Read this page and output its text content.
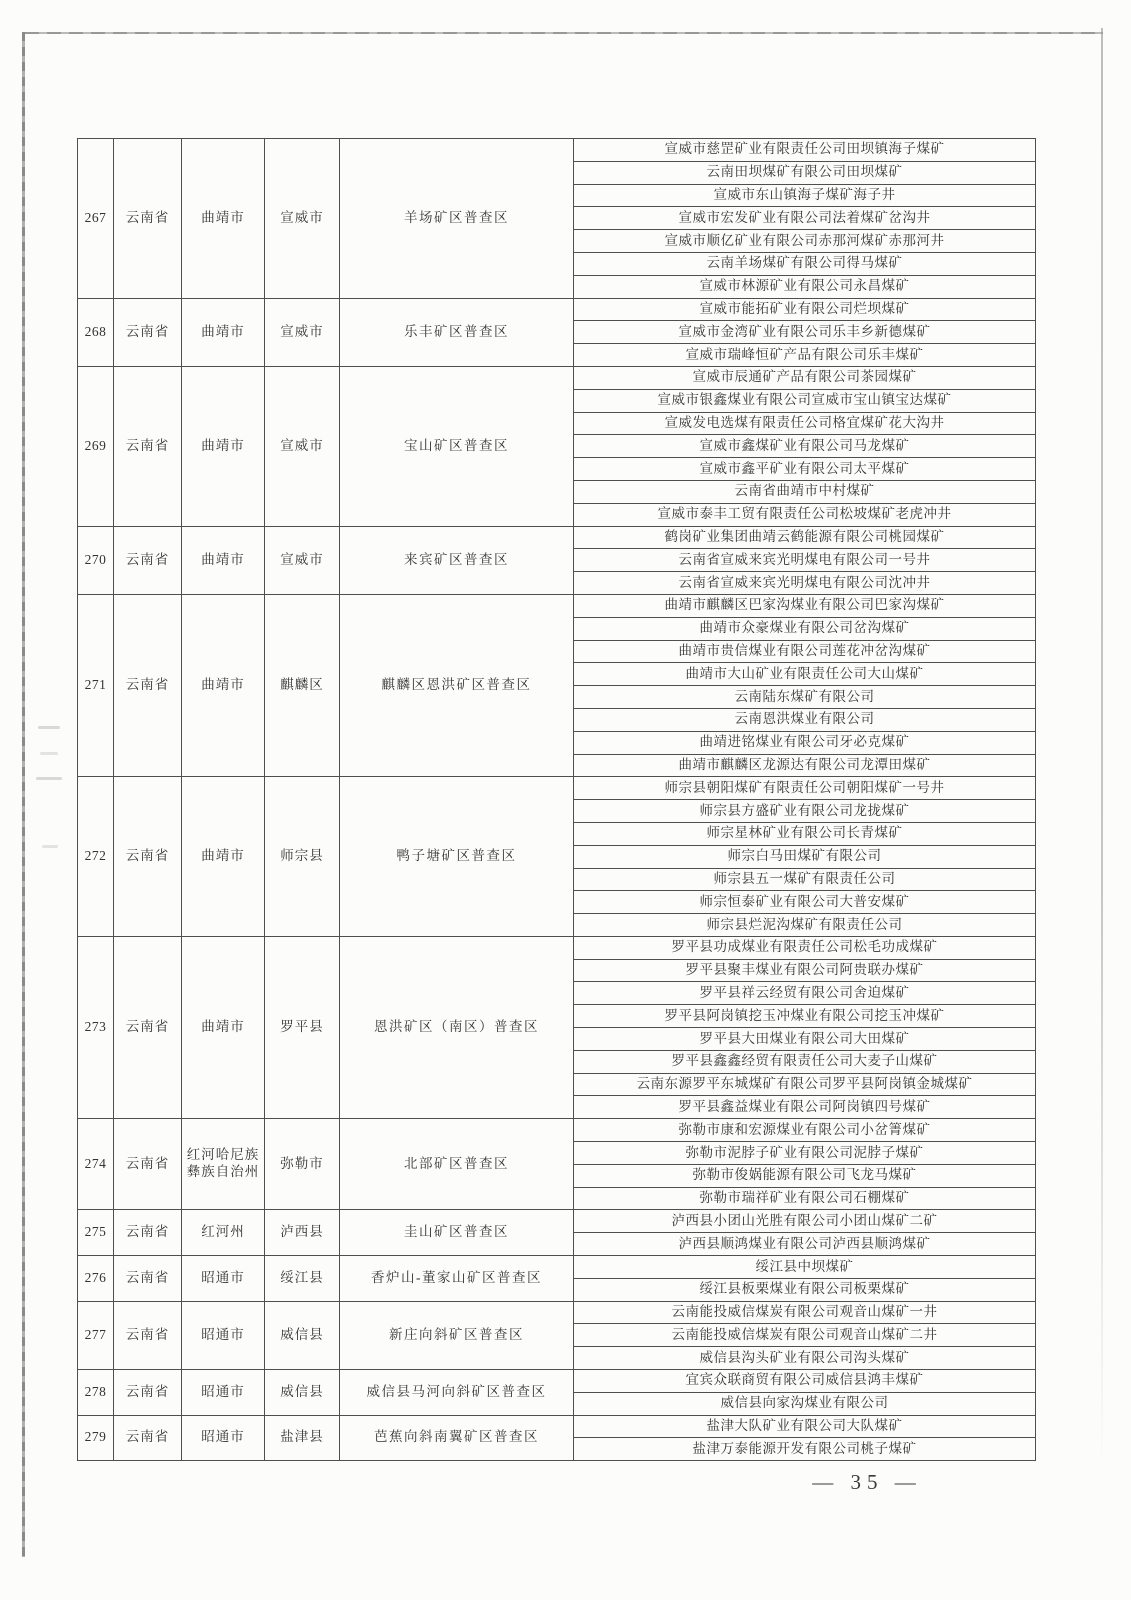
267	云南省	曲靖市	宣威市	羊场矿区普查区	宣威市慈罡矿业有限责任公司田坝镇海子煤矿
					云南田坝煤矿有限公司田坝煤矿
					宣威市东山镇海子煤矿海子井
					宣威市宏发矿业有限公司法着煤矿岔沟井
					宣威市顺亿矿业有限公司赤那河煤矿赤那河井
					云南羊场煤矿有限公司得马煤矿
					宣威市林源矿业有限公司永昌煤矿
268	云南省	曲靖市	宣威市	乐丰矿区普查区	宣威市能拓矿业有限公司烂坝煤矿
					宣威市金湾矿业有限公司乐丰乡新德煤矿
					宣威市瑞峰恒矿产品有限公司乐丰煤矿
269	云南省	曲靖市	宣威市	宝山矿区普查区	宣威市辰通矿产品有限公司茶园煤矿
					宣威市银鑫煤业有限公司宣威市宝山镇宝达煤矿
					宣威发电选煤有限责任公司格宜煤矿花大沟井
					宣威市鑫煤矿业有限公司马龙煤矿
					宣威市鑫平矿业有限公司太平煤矿
					云南省曲靖市中村煤矿
					宣威市泰丰工贸有限责任公司松坡煤矿老虎冲井
270	云南省	曲靖市	宣威市	来宾矿区普查区	鹤岗矿业集团曲靖云鹤能源有限公司桃园煤矿
					云南省宣威来宾光明煤电有限公司一号井
					云南省宣威来宾光明煤电有限公司沈冲井
271	云南省	曲靖市	麒麟区	麒麟区恩洪矿区普查区	曲靖市麒麟区巴家沟煤业有限公司巴家沟煤矿
					曲靖市众豪煤业有限公司岔沟煤矿
					曲靖市贵信煤业有限公司莲花冲岔沟煤矿
					曲靖市大山矿业有限责任公司大山煤矿
					云南陆东煤矿有限公司
					云南恩洪煤业有限公司
					曲靖进铭煤业有限公司牙必克煤矿
					曲靖市麒麟区龙源达有限公司龙潭田煤矿
272	云南省	曲靖市	师宗县	鸭子塘矿区普查区	师宗县朝阳煤矿有限责任公司朝阳煤矿一号井
					师宗县方盛矿业有限公司龙拢煤矿
					师宗星林矿业有限公司长青煤矿
					师宗白马田煤矿有限公司
					师宗县五一煤矿有限责任公司
					师宗恒泰矿业有限公司大普安煤矿
					师宗县烂泥沟煤矿有限责任公司
273	云南省	曲靖市	罗平县	恩洪矿区（南区）普查区	罗平县功成煤业有限责任公司松毛功成煤矿
					罗平县聚丰煤业有限公司阿贵联办煤矿
					罗平县祥云经贸有限公司舍迫煤矿
					罗平县阿岗镇挖玉冲煤业有限公司挖玉冲煤矿
					罗平县大田煤业有限公司大田煤矿
					罗平县鑫鑫经贸有限责任公司大麦子山煤矿
					云南东源罗平东城煤矿有限公司罗平县阿岗镇金城煤矿
					罗平县鑫益煤业有限公司阿岗镇四号煤矿
274	云南省	红河哈尼族彝族自治州	弥勒市	北部矿区普查区	弥勒市康和宏源煤业有限公司小岔箐煤矿
					弥勒市泥脖子矿业有限公司泥脖子煤矿
					弥勒市俊娲能源有限公司飞龙马煤矿
					弥勒市瑞祥矿业有限公司石棚煤矿
275	云南省	红河州	泸西县	圭山矿区普查区	泸西县小团山光胜有限公司小团山煤矿二矿
					泸西县顺鸿煤业有限公司泸西县顺鸿煤矿
276	云南省	昭通市	绥江县	香炉山-董家山矿区普查区	绥江县中坝煤矿
					绥江县板栗煤业有限公司板栗煤矿
277	云南省	昭通市	威信县	新庄向斜矿区普查区	云南能投威信煤炭有限公司观音山煤矿一井
					云南能投威信煤炭有限公司观音山煤矿二井
					威信县沟头矿业有限公司沟头煤矿
278	云南省	昭通市	威信县	威信县马河向斜矿区普查区	宜宾众联商贸有限公司威信县鸿丰煤矿
					威信县向家沟煤业有限公司
279	云南省	昭通市	盐津县	芭蕉向斜南翼矿区普查区	盐津大队矿业有限公司大队煤矿
					盐津万泰能源开发有限公司桃子煤矿
— 35 —
